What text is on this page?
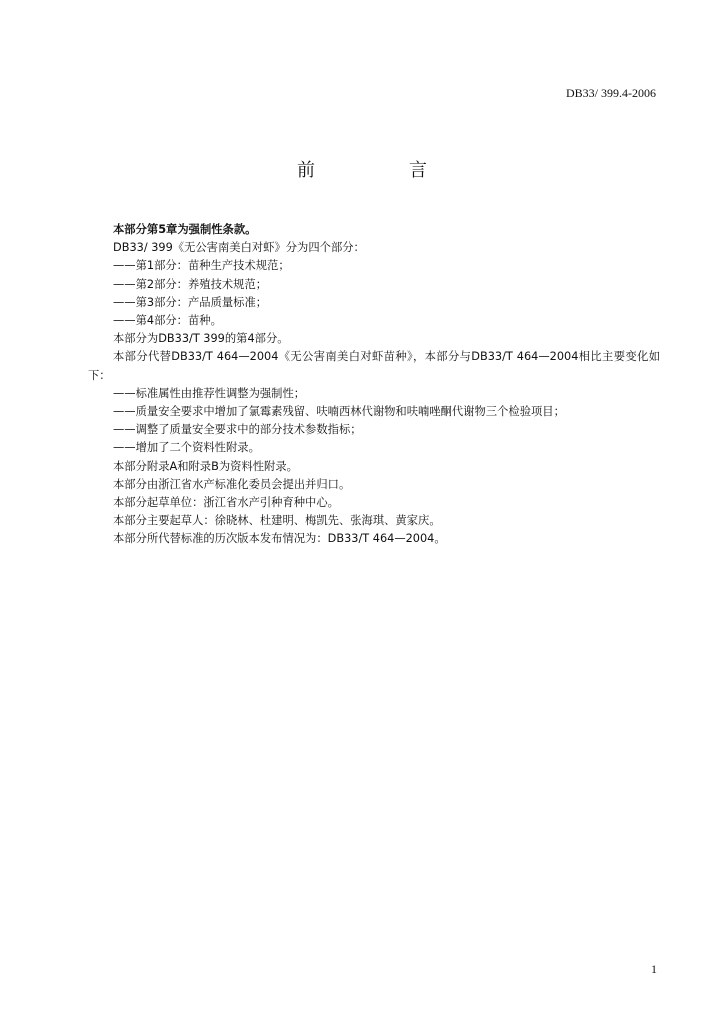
DB33/ 399.4-2006
前　言

本部分第5章为强制性条款。

DB33/ 399《无公害南美白对虾》分为四个部分：

——第1部分：苗种生产技术规范；

——第2部分：养殖技术规范；

——第3部分：产品质量标准；

——第4部分：苗种。

本部分为DB33/T 399的第4部分。

本部分代替DB33/T 464—2004《无公害南美白对虾苗种》，本部分与DB33/T 464—2004相比主要变化如下：

——标准属性由推荐性调整为强制性；

——质量安全要求中增加了氯霉素残留、呋喃西林代谢物和呋喃唑酮代谢物三个检验项目；

——调整了质量安全要求中的部分技术参数指标；

——增加了二个资料性附录。

本部分附录A和附录B为资料性附录。

本部分由浙江省水产标准化委员会提出并归口。

本部分起草单位：浙江省水产引种育种中心。

本部分主要起草人：徐晓林、杜建明、梅凯先、张海琪、黄家庆。

本部分所代替标准的历次版本发布情况为：DB33/T 464—2004。

1
